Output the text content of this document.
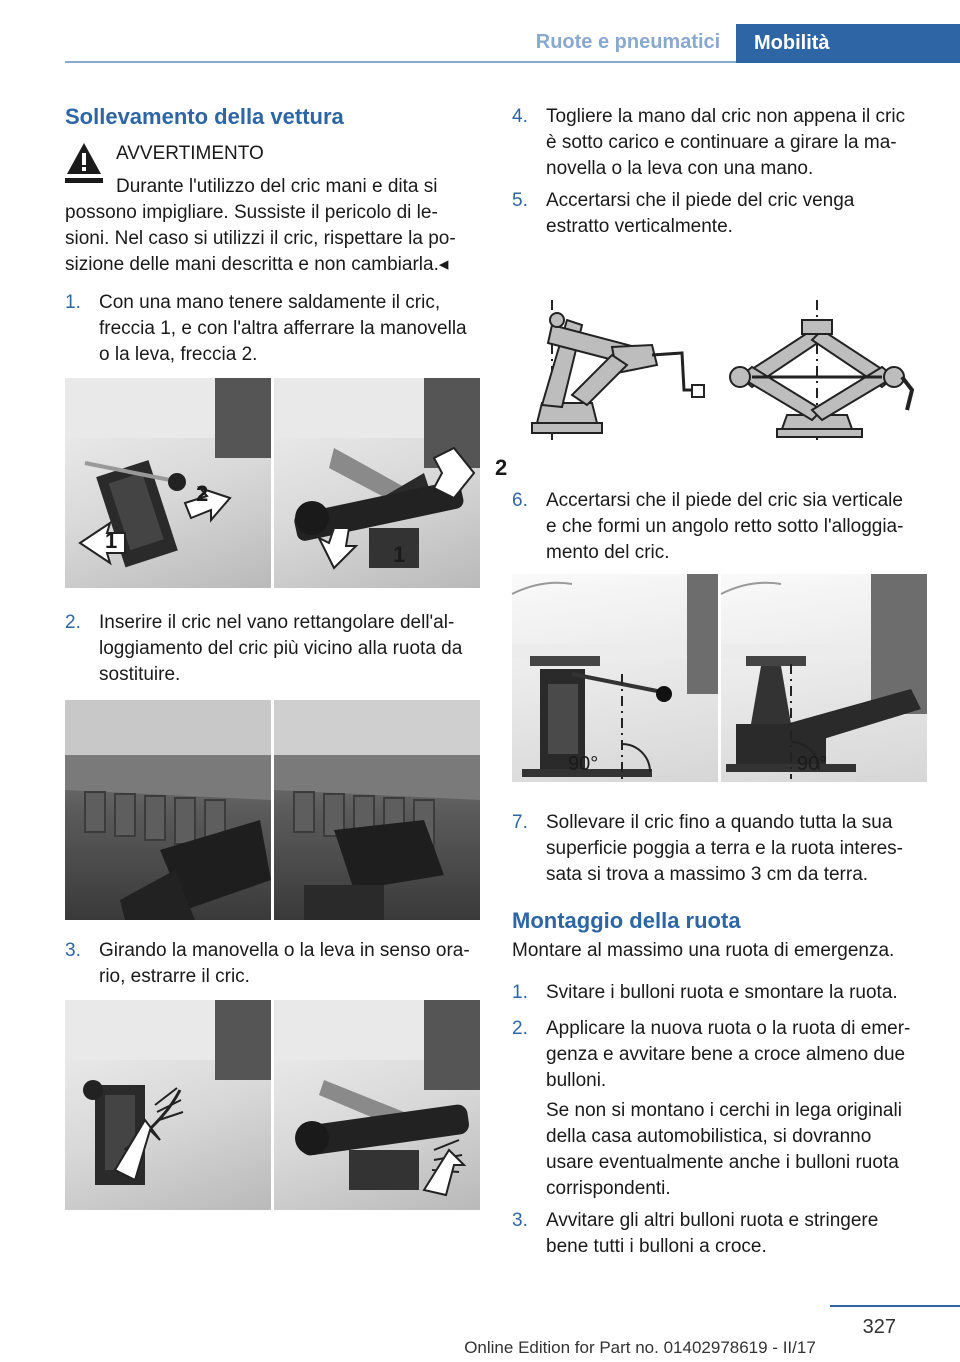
Ruote e pneumatici	Mobilità
Sollevamento della vettura
AVVERTIMENTO
Durante l'utilizzo del cric mani e dita si
possono impigliare. Sussiste il pericolo di le-
sioni. Nel caso si utilizzi il cric, rispettare la po-
sizione delle mani descritta e non cambiarla.◂
1. Con una mano tenere saldamente il cric,
freccia 1, e con l'altra afferrare la manovella
o la leva, freccia 2.
1
2
2
1
2. Inserire il cric nel vano rettangolare dell'al-
loggiamento del cric più vicino alla ruota da
sostituire.
3. Girando la manovella o la leva in senso ora-
rio, estrarre il cric.
4. Togliere la mano dal cric non appena il cric
è sotto carico e continuare a girare la ma-
novella o la leva con una mano.
5. Accertarsi che il piede del cric venga
estratto verticalmente.
6. Accertarsi che il piede del cric sia verticale
e che formi un angolo retto sotto l'alloggia-
mento del cric.
90°	90°
7. Sollevare il cric fino a quando tutta la sua
superficie poggia a terra e la ruota interes-
sata si trova a massimo 3 cm da terra.
Montaggio della ruota
Montare al massimo una ruota di emergenza.
1. Svitare i bulloni ruota e smontare la ruota.
2. Applicare la nuova ruota o la ruota di emer-
genza e avvitare bene a croce almeno due
bulloni.
Se non si montano i cerchi in lega originali
della casa automobilistica, si dovranno
usare eventualmente anche i bulloni ruota
corrispondenti.
3. Avvitare gli altri bulloni ruota e stringere
bene tutti i bulloni a croce.
327
Online Edition for Part no. 01402978619 - II/17
